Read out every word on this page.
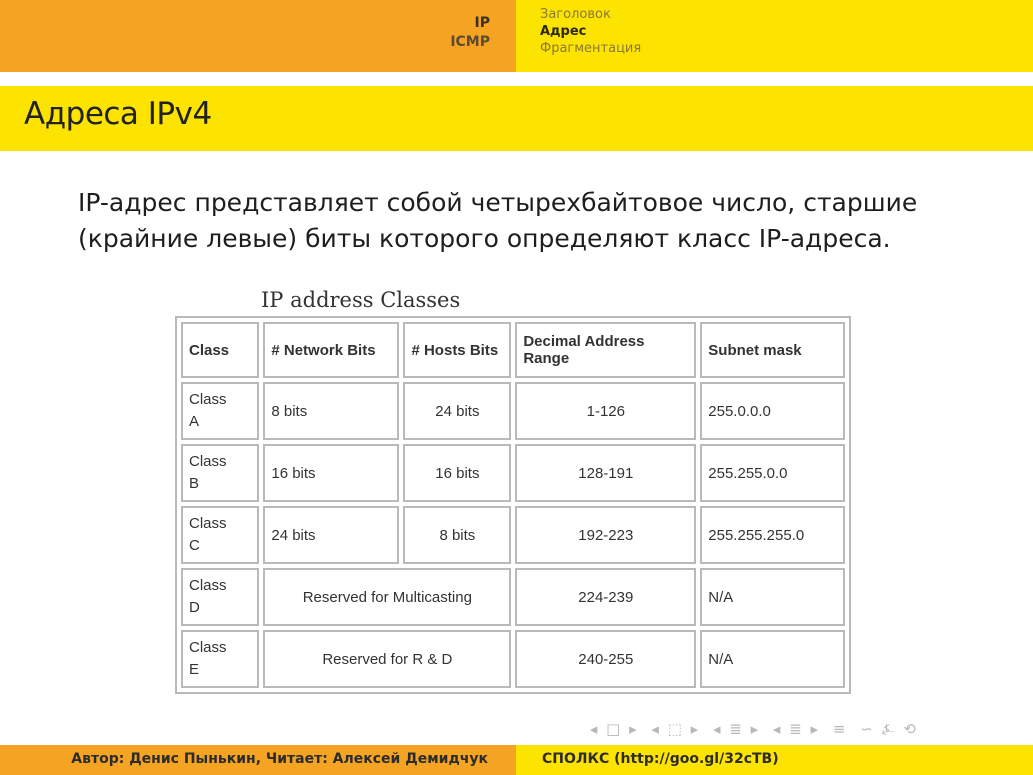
IP
ICMP
Заголовок
Адрес
Фрагментация
Адреса IPv4
IP-адрес представляет собой четырехбайтовое число, старшие (крайние левые) биты которого определяют класс IP-адреса.
IP address Classes
Class	# Network Bits	# Hosts Bits	Decimal Address Range	Subnet mask
Class
A	8 bits	24 bits	1-126	255.0.0.0
Class
B	16 bits	16 bits	128-191	255.255.0.0
Class
C	24 bits	8 bits	192-223	255.255.255.0
Class
D	Reserved for Multicasting		224-239	N/A
Class
E	Reserved for R & D		240-255	N/A
◂ □ ▸ ◂ ⬚ ▸ ◂ ≣ ▸ ◂ ≣ ▸ ≡ ∽ ⍼ ⟲
Автор: Денис Пынькин, Читает: Алексей Демидчук	СПОЛКС (http://goo.gl/32cTB)
